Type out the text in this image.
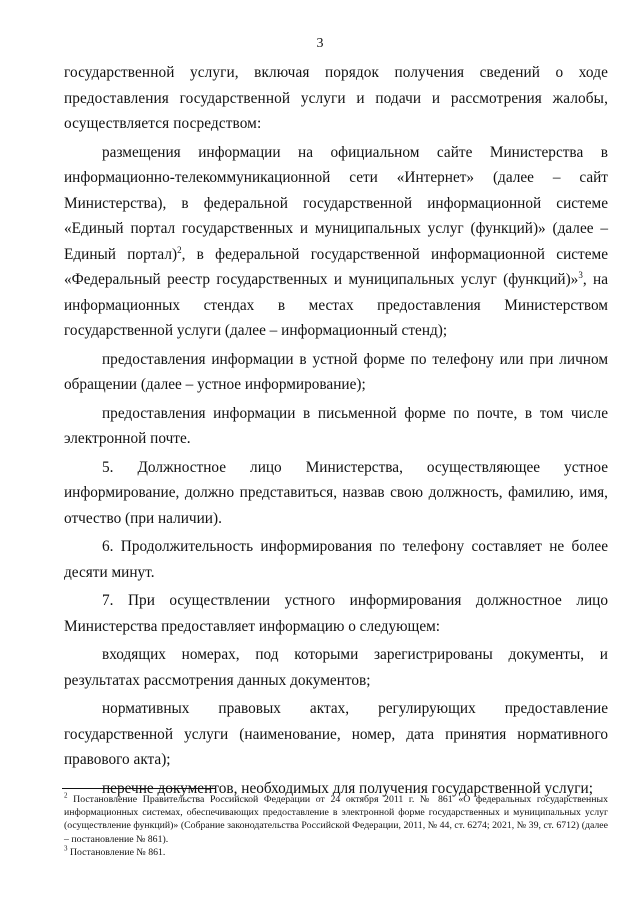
3

государственной услуги, включая порядок получения сведений о ходе предоставления государственной услуги и подачи и рассмотрения жалобы, осуществляется посредством:

размещения информации на официальном сайте Министерства в информационно-телекоммуникационной сети «Интернет» (далее – сайт Министерства), в федеральной государственной информационной системе «Единый портал государственных и муниципальных услуг (функций)» (далее – Единый портал)$^2$, в федеральной государственной информационной системе «Федеральный реестр государственных и муниципальных услуг (функций)»$^3$, на информационных стендах в местах предоставления Министерством государственной услуги (далее – информационный стенд);

предоставления информации в устной форме по телефону или при личном обращении (далее – устное информирование);

предоставления информации в письменной форме по почте, в том числе электронной почте.

5. Должностное лицо Министерства, осуществляющее устное информирование, должно представиться, назвав свою должность, фамилию, имя, отчество (при наличии).

6. Продолжительность информирования по телефону составляет не более десяти минут.

7. При осуществлении устного информирования должностное лицо Министерства предоставляет информацию о следующем:

входящих номерах, под которыми зарегистрированы документы, и результатах рассмотрения данных документов;

нормативных правовых актах, регулирующих предоставление государственной услуги (наименование, номер, дата принятия нормативного правового акта);

перечне документов, необходимых для получения государственной услуги;

$^2$ Постановление Правительства Российской Федерации от 24 октября 2011 г. № 861 «О федеральных государственных информационных системах, обеспечивающих предоставление в электронной форме государственных и муниципальных услуг (осуществление функций)» (Собрание законодательства Российской Федерации, 2011, № 44, ст. 6274; 2021, № 39, ст. 6712) (далее – постановление № 861).

$^3$ Постановление № 861.
